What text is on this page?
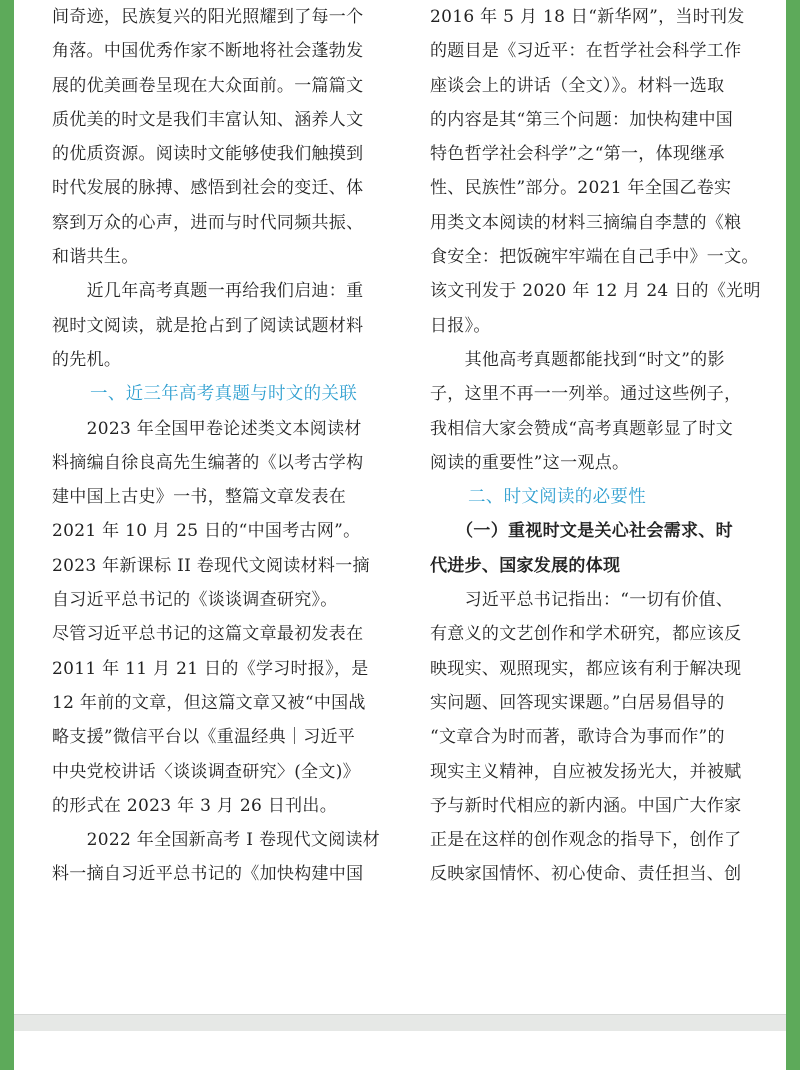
间奇迹，民族复兴的阳光照耀到了每一个
角落。中国优秀作家不断地将社会蓬勃发
展的优美画卷呈现在大众面前。一篇篇文
质优美的时文是我们丰富认知、涵养人文
的优质资源。阅读时文能够使我们触摸到
时代发展的脉搏、感悟到社会的变迁、体
察到万众的心声，进而与时代同频共振、
和谐共生。

　　近几年高考真题一再给我们启迪：重
视时文阅读，就是抢占到了阅读试题材料
的先机。

一、近三年高考真题与时文的关联

　　2023 年全国甲卷论述类文本阅读材
料摘编自徐良高先生编著的《以考古学构
建中国上古史》一书，整篇文章发表在
2021 年 10 月 25 日的“中国考古网”。
2023 年新课标 II 卷现代文阅读材料一摘
自习近平总书记的《谈谈调查研究》。
尽管习近平总书记的这篇文章最初发表在
2011 年 11 月 21 日的《学习时报》，是
12 年前的文章，但这篇文章又被“中国战
略支援”微信平台以《重温经典｜习近平
中央党校讲话〈谈谈调查研究〉(全文)》
的形式在 2023 年 3 月 26 日刊出。

　　2022 年全国新高考 I 卷现代文阅读材
料一摘自习近平总书记的《加快构建中国

2016 年 5 月 18 日“新华网”，当时刊发
的题目是《习近平：在哲学社会科学工作
座谈会上的讲话（全文）》。材料一选取
的内容是其“第三个问题：加快构建中国
特色哲学社会科学”之“第一，体现继承
性、民族性”部分。2021 年全国乙卷实
用类文本阅读的材料三摘编自李慧的《粮
食安全：把饭碗牢牢端在自己手中》一文。
该文刊发于 2020 年 12 月 24 日的《光明
日报》。

　　其他高考真题都能找到“时文”的影
子，这里不再一一列举。通过这些例子，
我相信大家会赞成“高考真题彰显了时文
阅读的重要性”这一观点。

二、时文阅读的必要性

　　（一）重视时文是关心社会需求、时
代进步、国家发展的体现

　　习近平总书记指出：“一切有价值、
有意义的文艺创作和学术研究，都应该反
映现实、观照现实，都应该有利于解决现
实问题、回答现实课题。”白居易倡导的
“文章合为时而著，歌诗合为事而作”的
现实主义精神，自应被发扬光大，并被赋
予与新时代相应的新内涵。中国广大作家
正是在这样的创作观念的指导下，创作了
反映家国情怀、初心使命、责任担当、创
